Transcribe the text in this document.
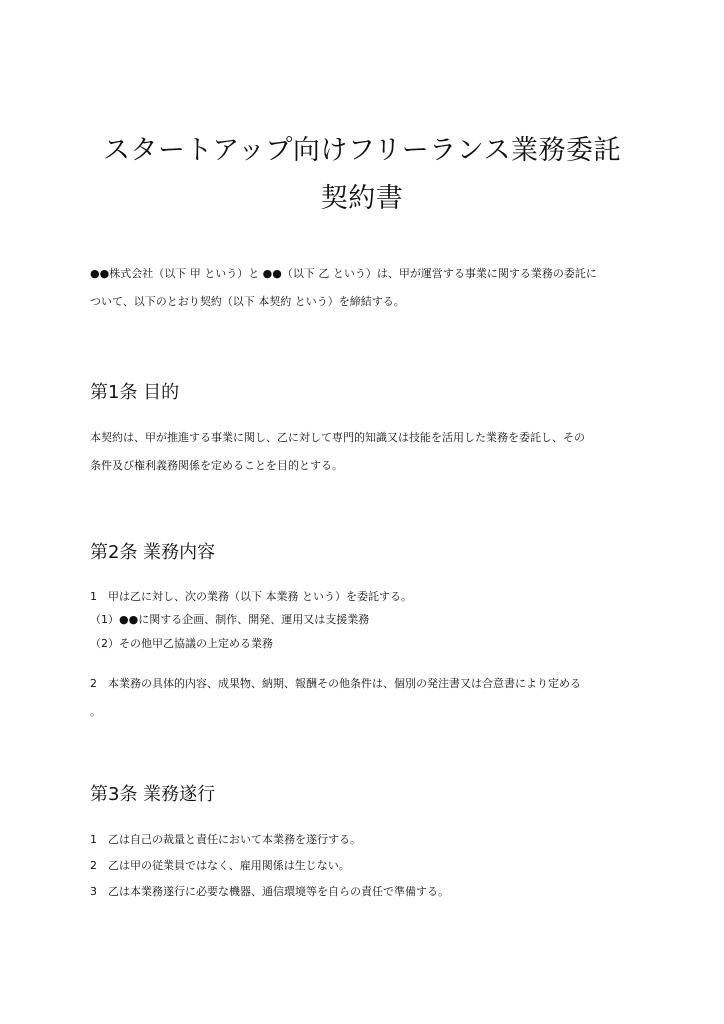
スタートアップ向けフリーランス業務委託
契約書

●●株式会社（以下 甲 という）と ●●（以下 乙 という）は、甲が運営する事業に関する業務の委託に

ついて、以下のとおり契約（以下 本契約 という）を締結する。

第1条 目的

本契約は、甲が推進する事業に関し、乙に対して専門的知識又は技能を活用した業務を委託し、その

条件及び権利義務関係を定めることを目的とする。

第2条 業務内容

1　甲は乙に対し、次の業務（以下 本業務 という）を委託する。

（1）●●に関する企画、制作、開発、運用又は支援業務

（2）その他甲乙協議の上定める業務

2　本業務の具体的内容、成果物、納期、報酬その他条件は、個別の発注書又は合意書により定める

。

第3条 業務遂行

1　乙は自己の裁量と責任において本業務を遂行する。

2　乙は甲の従業員ではなく、雇用関係は生じない。

3　乙は本業務遂行に必要な機器、通信環境等を自らの責任で準備する。
